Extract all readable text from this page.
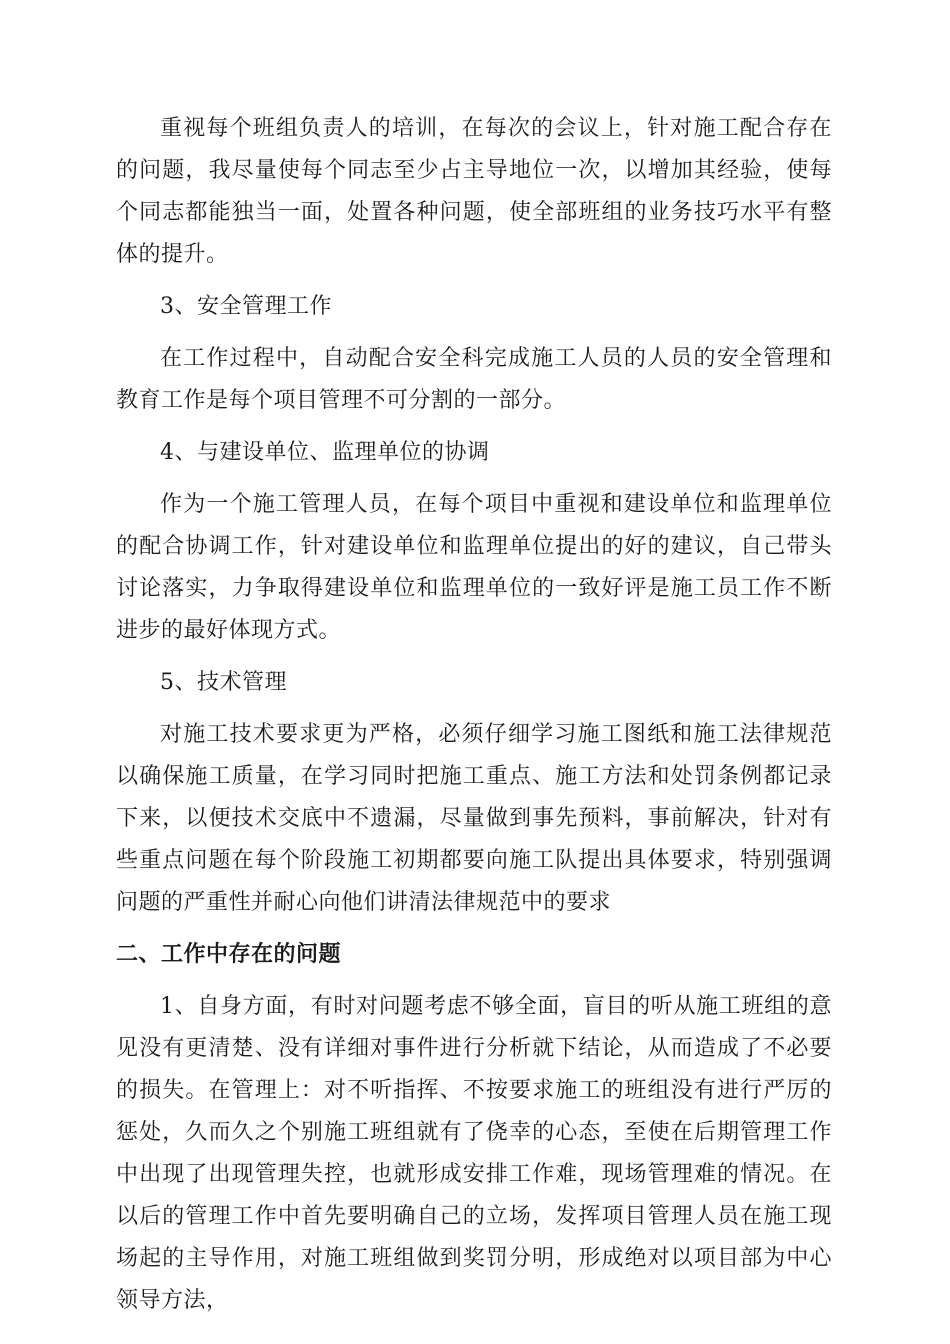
重视每个班组负责人的培训，在每次的会议上，针对施工配合存在的问题，我尽量使每个同志至少占主导地位一次，以增加其经验，使每个同志都能独当一面，处置各种问题，使全部班组的业务技巧水平有整体的提升。

3、安全管理工作

在工作过程中，自动配合安全科完成施工人员的人员的安全管理和教育工作是每个项目管理不可分割的一部分。

4、与建设单位、监理单位的协调

作为一个施工管理人员，在每个项目中重视和建设单位和监理单位的配合协调工作，针对建设单位和监理单位提出的好的建议，自己带头讨论落实，力争取得建设单位和监理单位的一致好评是施工员工作不断进步的最好体现方式。

5、技术管理

对施工技术要求更为严格，必须仔细学习施工图纸和施工法律规范以确保施工质量，在学习同时把施工重点、施工方法和处罚条例都记录下来，以便技术交底中不遗漏，尽量做到事先预料，事前解决，针对有些重点问题在每个阶段施工初期都要向施工队提出具体要求，特别强调问题的严重性并耐心向他们讲清法律规范中的要求

二、工作中存在的问题

1、自身方面，有时对问题考虑不够全面，盲目的听从施工班组的意见没有更清楚、没有详细对事件进行分析就下结论，从而造成了不必要的损失。在管理上：对不听指挥、不按要求施工的班组没有进行严厉的惩处，久而久之个别施工班组就有了侥幸的心态，至使在后期管理工作中出现了出现管理失控，也就形成安排工作难，现场管理难的情况。在以后的管理工作中首先要明确自己的立场，发挥项目管理人员在施工现场起的主导作用，对施工班组做到奖罚分明，形成绝对以项目部为中心领导方法，
